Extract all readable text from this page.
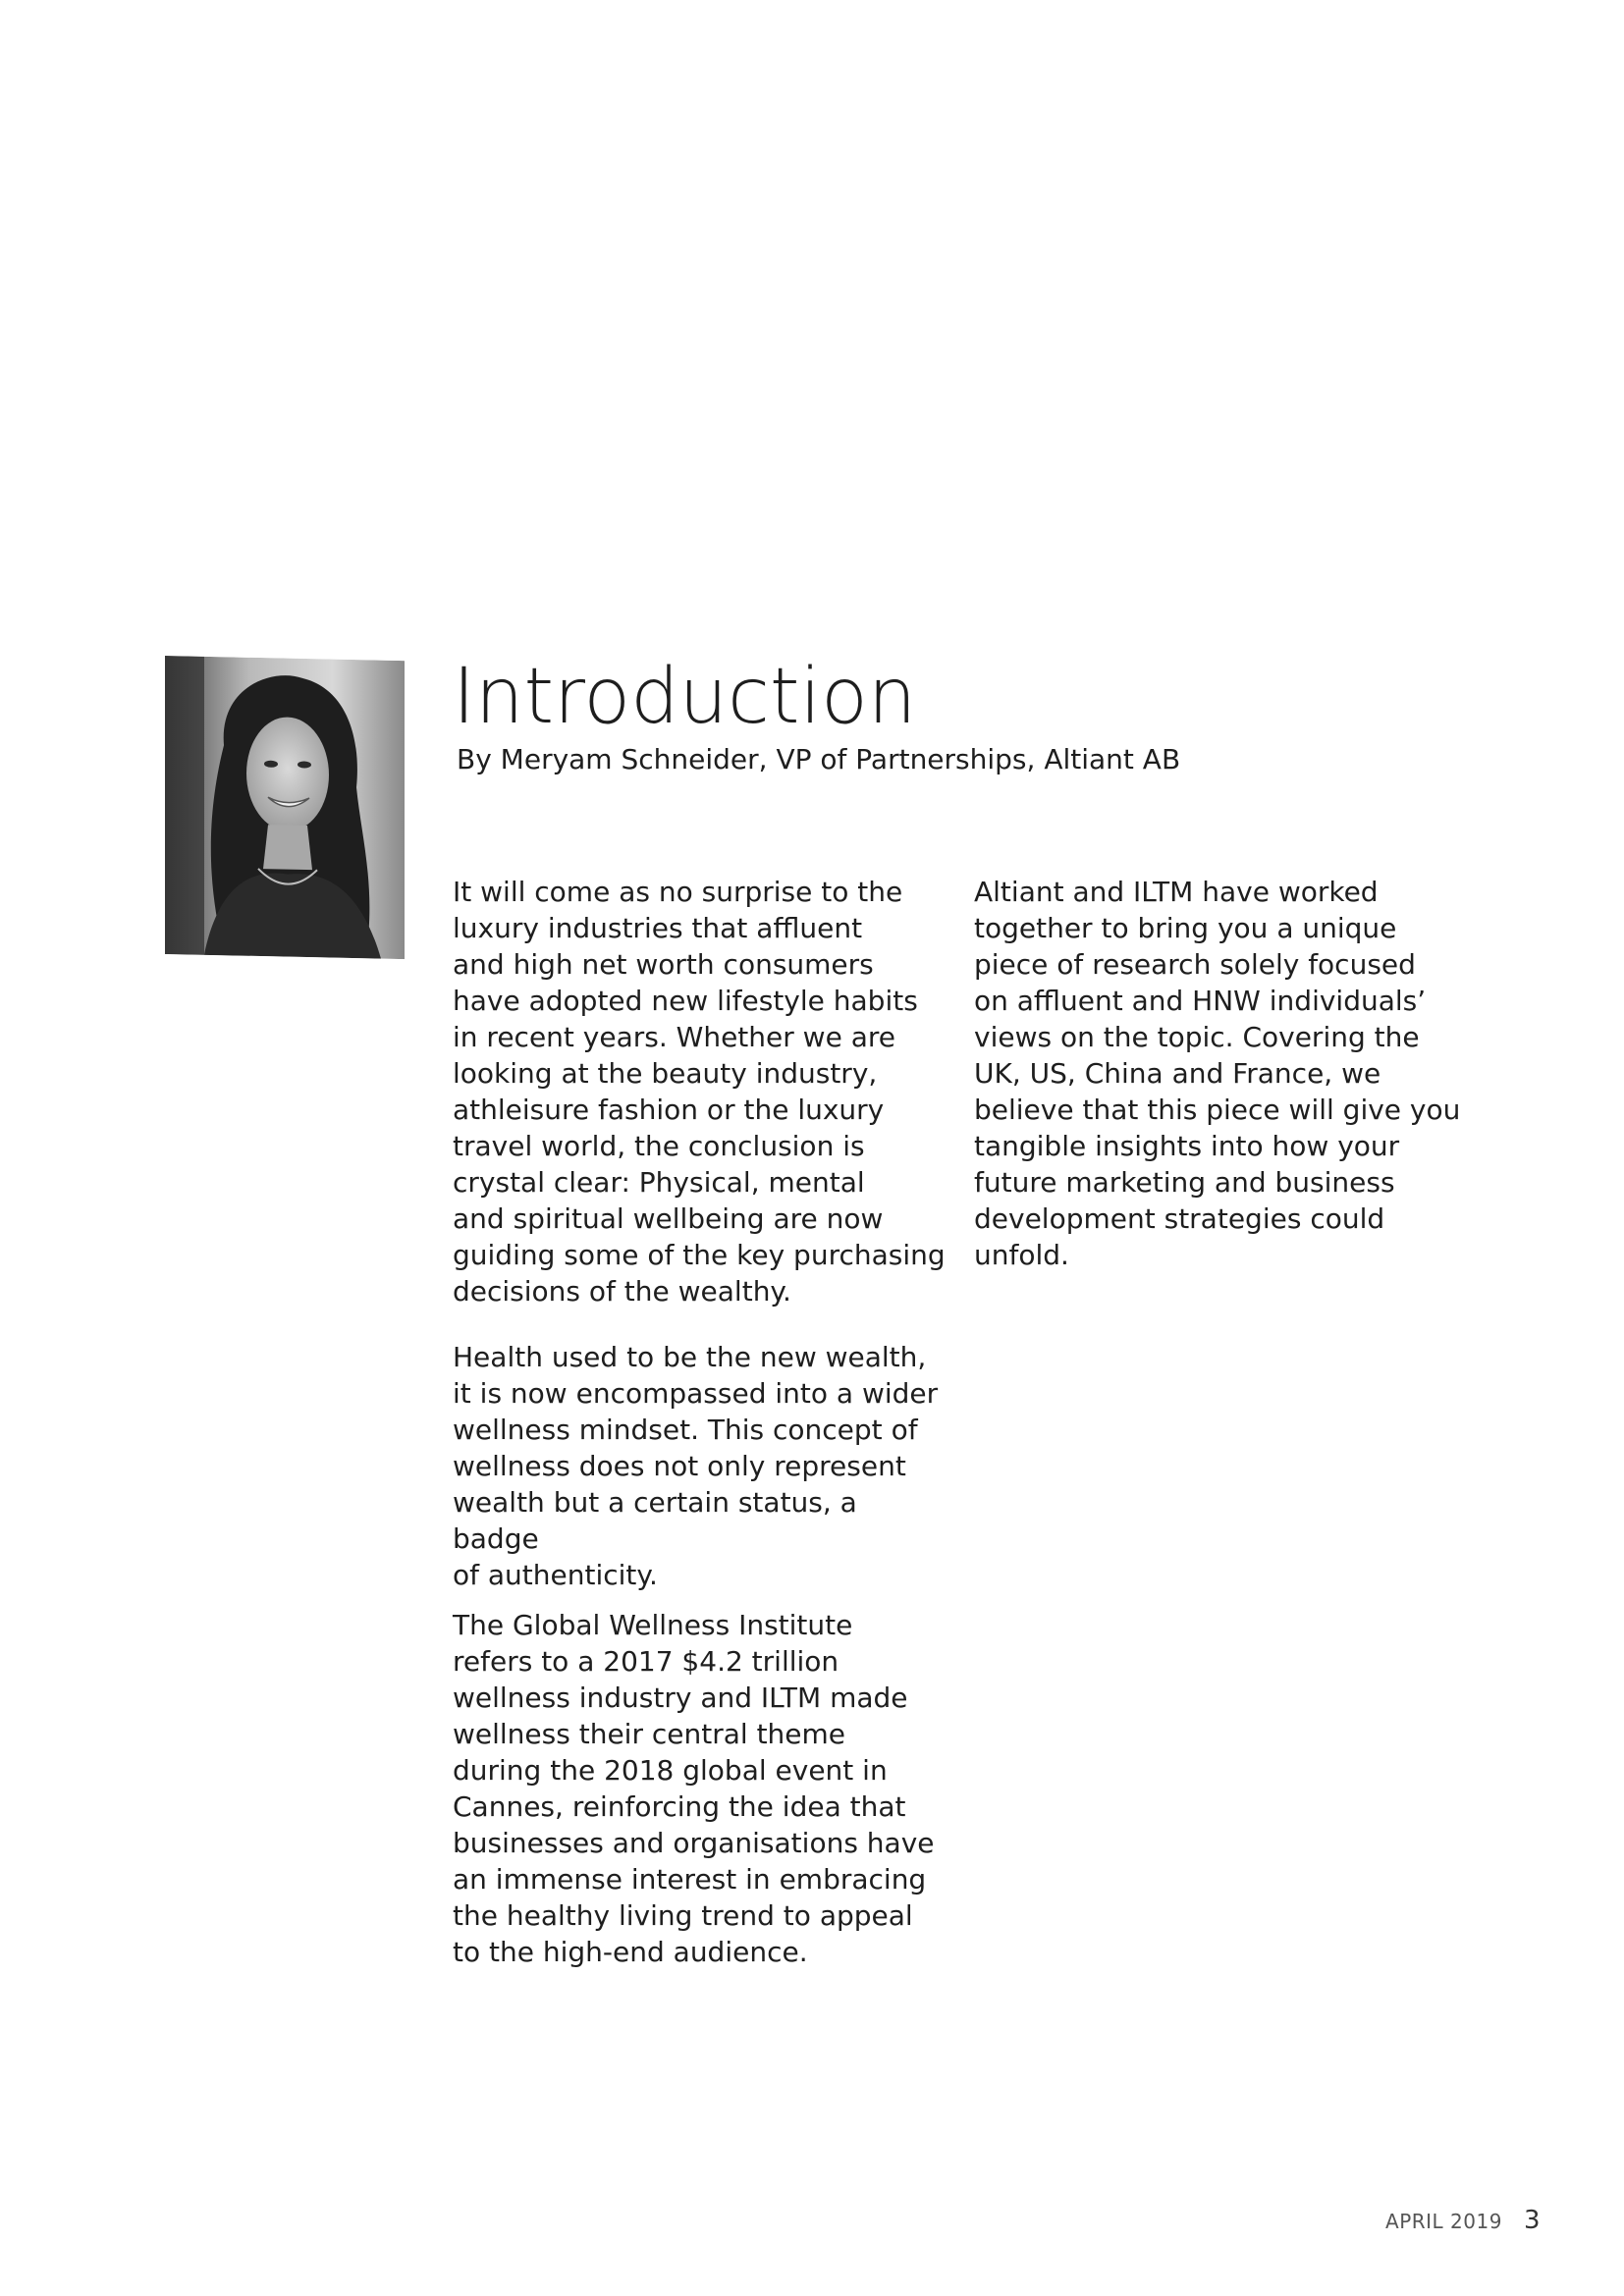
Introduction

By Meryam Schneider, VP of Partnerships, Altiant AB

It will come as no surprise to the
luxury industries that affluent
and high net worth consumers
have adopted new lifestyle habits
in recent years. Whether we are
looking at the beauty industry,
athleisure fashion or the luxury
travel world, the conclusion is
crystal clear: Physical, mental
and spiritual wellbeing are now
guiding some of the key purchasing
decisions of the wealthy.

Health used to be the new wealth,
it is now encompassed into a wider
wellness mindset. This concept of
wellness does not only represent
wealth but a certain status, a badge
of authenticity.

The Global Wellness Institute
refers to a 2017 $4.2 trillion
wellness industry and ILTM made
wellness their central theme
during the 2018 global event in
Cannes, reinforcing the idea that
businesses and organisations have
an immense interest in embracing
the healthy living trend to appeal
to the high-end audience.

Altiant and ILTM have worked
together to bring you a unique
piece of research solely focused
on affluent and HNW individuals’
views on the topic. Covering the
UK, US, China and France, we
believe that this piece will give you
tangible insights into how your
future marketing and business
development strategies could
unfold.

APRIL 2019 3
